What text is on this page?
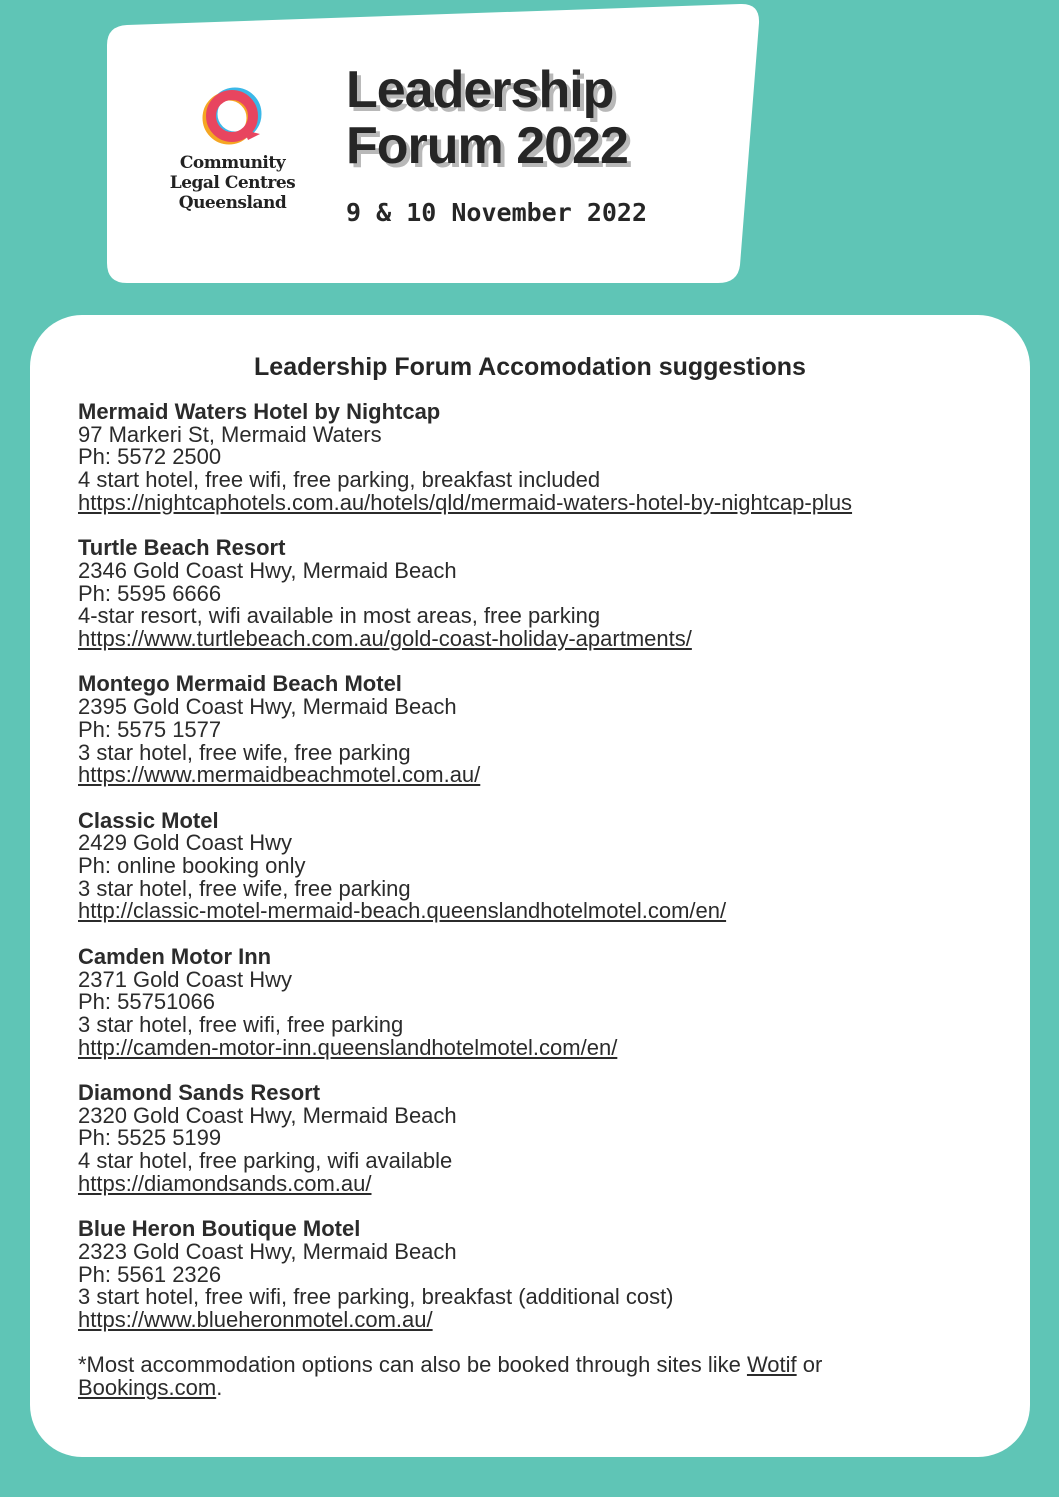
Community
Legal Centres
Queensland
Leadership
Forum 2022
9 & 10 November 2022
Leadership Forum Accomodation suggestions
Mermaid Waters Hotel by Nightcap
97 Markeri St, Mermaid Waters
Ph: 5572 2500
4 start hotel, free wifi, free parking, breakfast included
https://nightcaphotels.com.au/hotels/qld/mermaid-waters-hotel-by-nightcap-plus
Turtle Beach Resort
2346 Gold Coast Hwy, Mermaid Beach
Ph: 5595 6666
4-star resort, wifi available in most areas, free parking
https://www.turtlebeach.com.au/gold-coast-holiday-apartments/
Montego Mermaid Beach Motel
2395 Gold Coast Hwy, Mermaid Beach
Ph: 5575 1577
3 star hotel, free wife, free parking
https://www.mermaidbeachmotel.com.au/
Classic Motel
2429 Gold Coast Hwy
Ph: online booking only
3 star hotel, free wife, free parking
http://classic-motel-mermaid-beach.queenslandhotelmotel.com/en/
Camden Motor Inn
2371 Gold Coast Hwy
Ph: 55751066
3 star hotel, free wifi, free parking
http://camden-motor-inn.queenslandhotelmotel.com/en/
Diamond Sands Resort
2320 Gold Coast Hwy, Mermaid Beach
Ph: 5525 5199
4 star hotel, free parking, wifi available
https://diamondsands.com.au/
Blue Heron Boutique Motel
2323 Gold Coast Hwy, Mermaid Beach
Ph: 5561 2326
3 start hotel, free wifi, free parking, breakfast (additional cost)
https://www.blueheronmotel.com.au/
*Most accommodation options can also be booked through sites like Wotif or
Bookings.com.
